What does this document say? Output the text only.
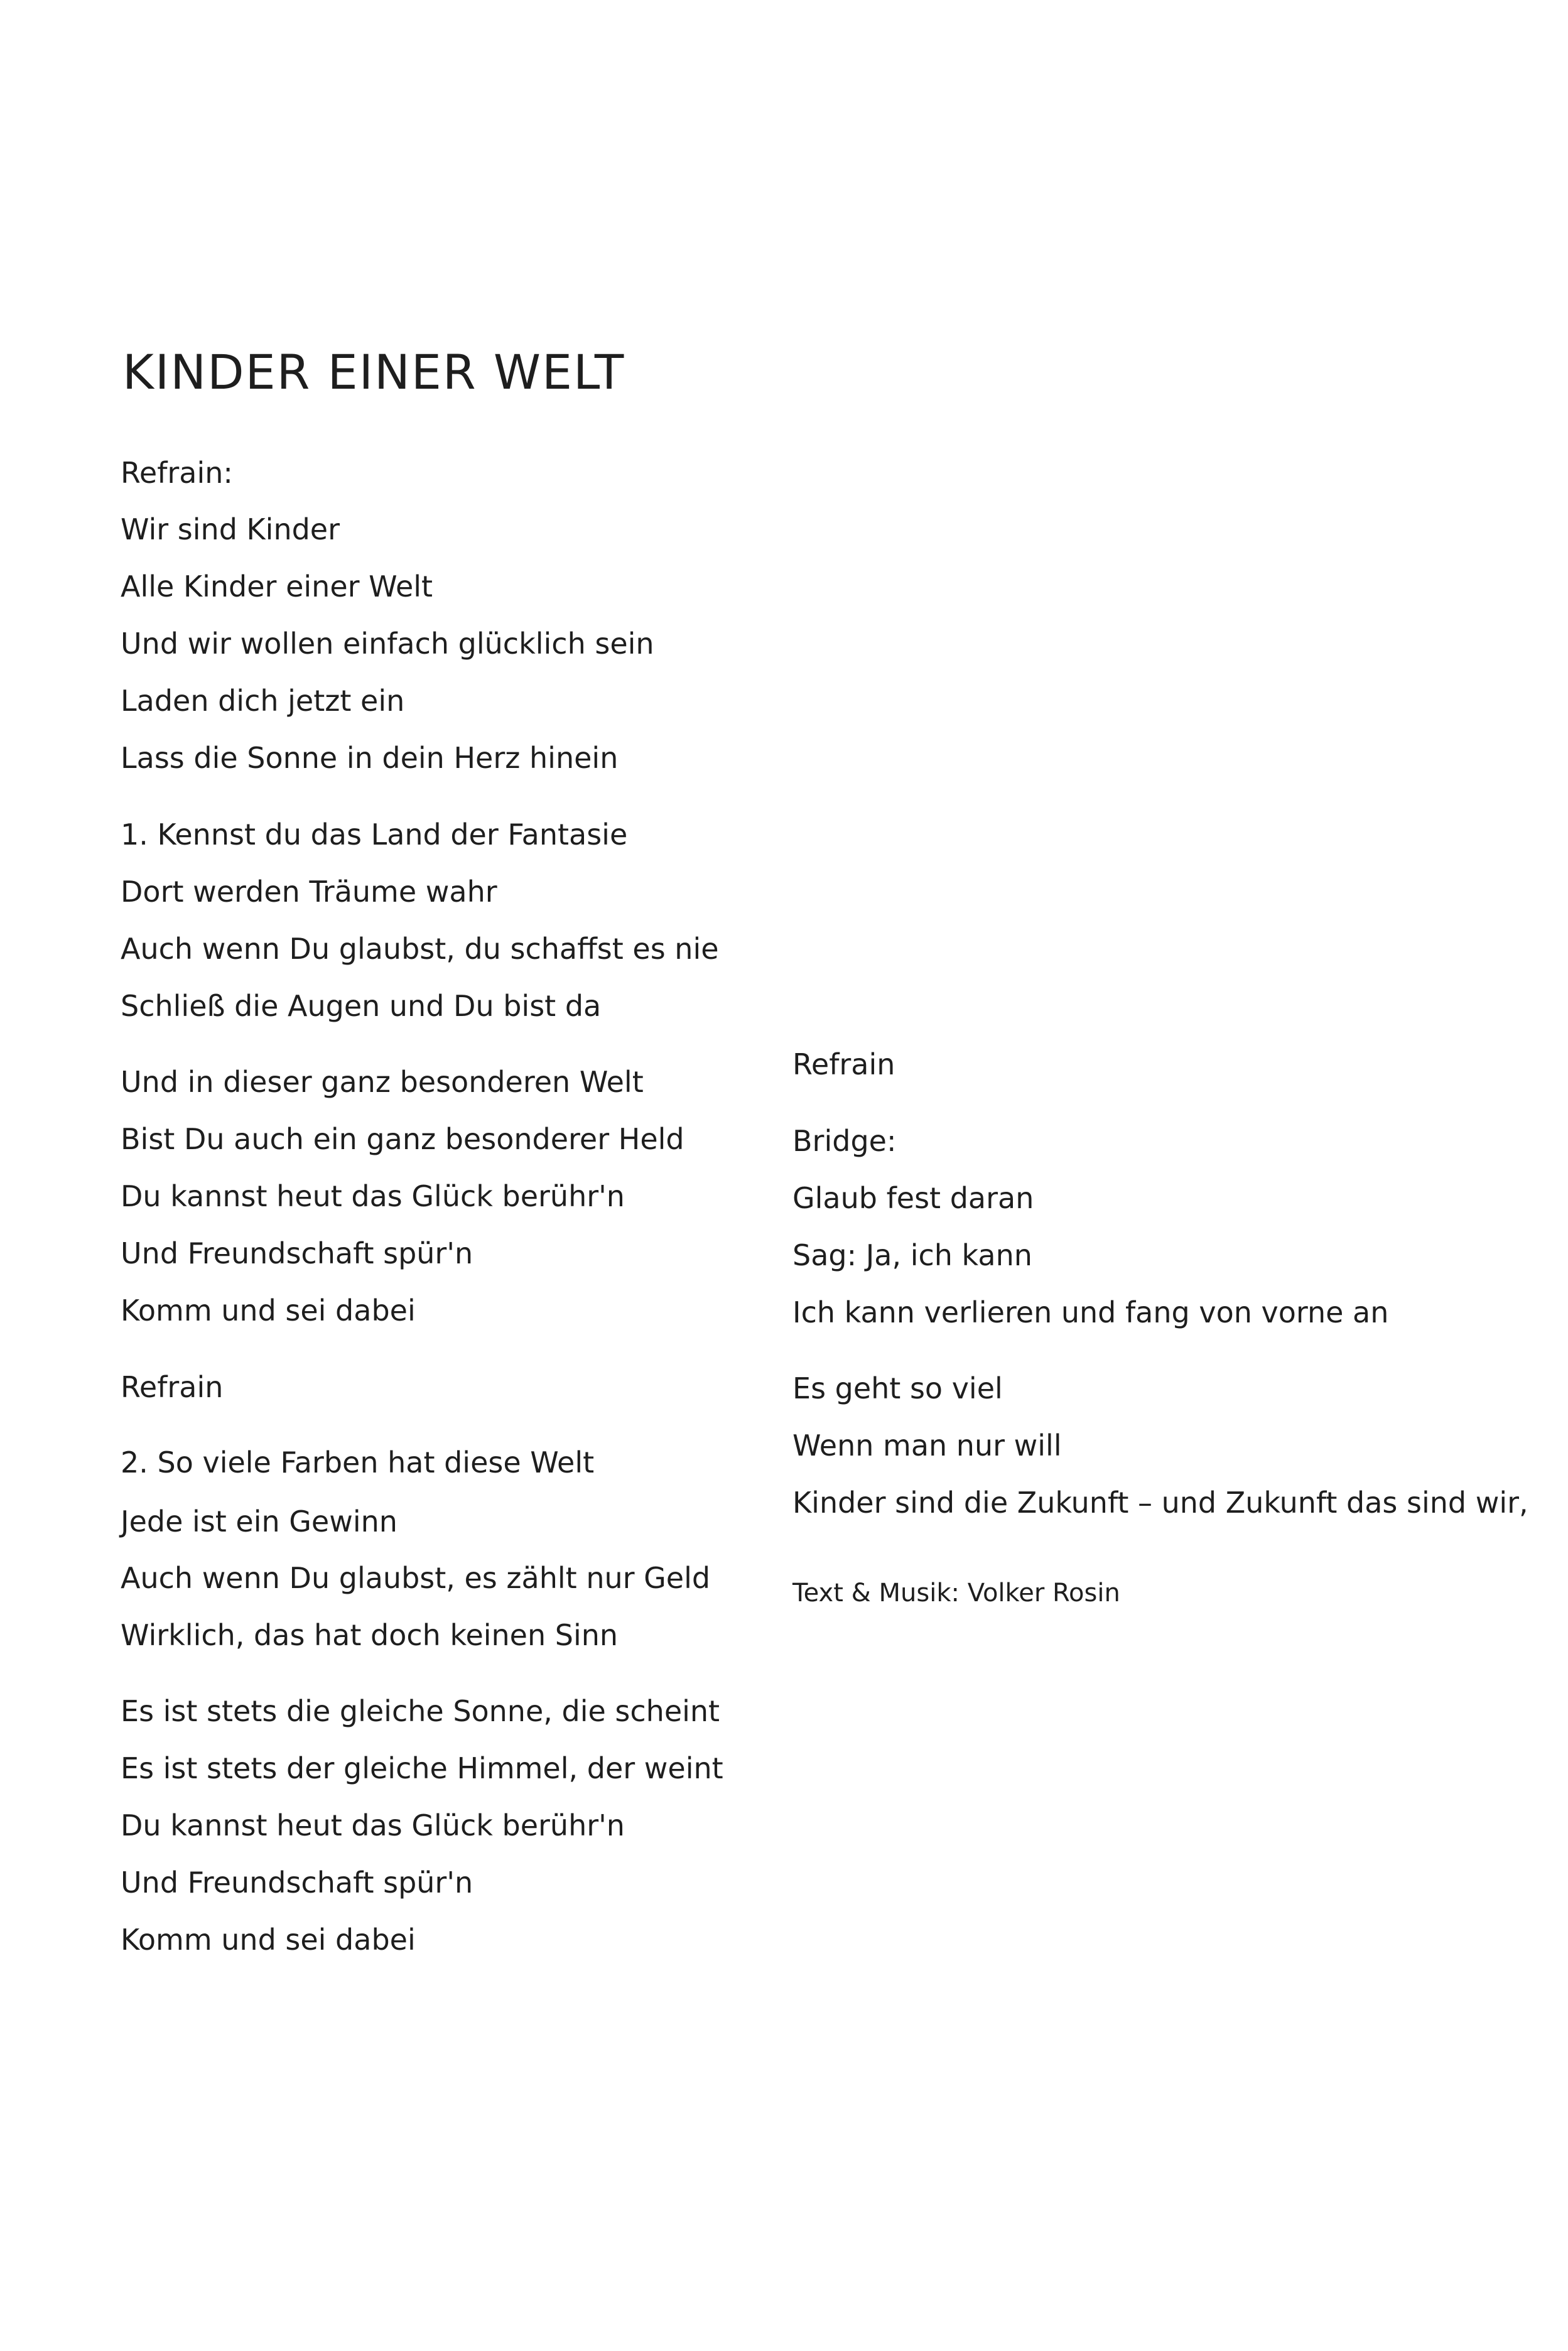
KINDER EINER WELT
Refrain:
Wir sind Kinder
Alle Kinder einer Welt
Und wir wollen einfach glücklich sein
Laden dich jetzt ein
Lass die Sonne in dein Herz hinein
1. Kennst du das Land der Fantasie
Dort werden Träume wahr
Auch wenn Du glaubst, du schaffst es nie
Schließ die Augen und Du bist da
Und in dieser ganz besonderen Welt
Bist Du auch ein ganz besonderer Held
Du kannst heut das Glück berühr'n
Und Freundschaft spür'n
Komm und sei dabei
Refrain
2. So viele Farben hat diese Welt
Jede ist ein Gewinn
Auch wenn Du glaubst, es zählt nur Geld
Wirklich, das hat doch keinen Sinn
Es ist stets die gleiche Sonne, die scheint
Es ist stets der gleiche Himmel, der weint
Du kannst heut das Glück berühr'n
Und Freundschaft spür'n
Komm und sei dabei
Refrain
Bridge:
Glaub fest daran
Sag: Ja, ich kann
Ich kann verlieren und fang von vorne an
Es geht so viel
Wenn man nur will
Kinder sind die Zukunft – und Zukunft das sind wir,
Text & Musik: Volker Rosin
